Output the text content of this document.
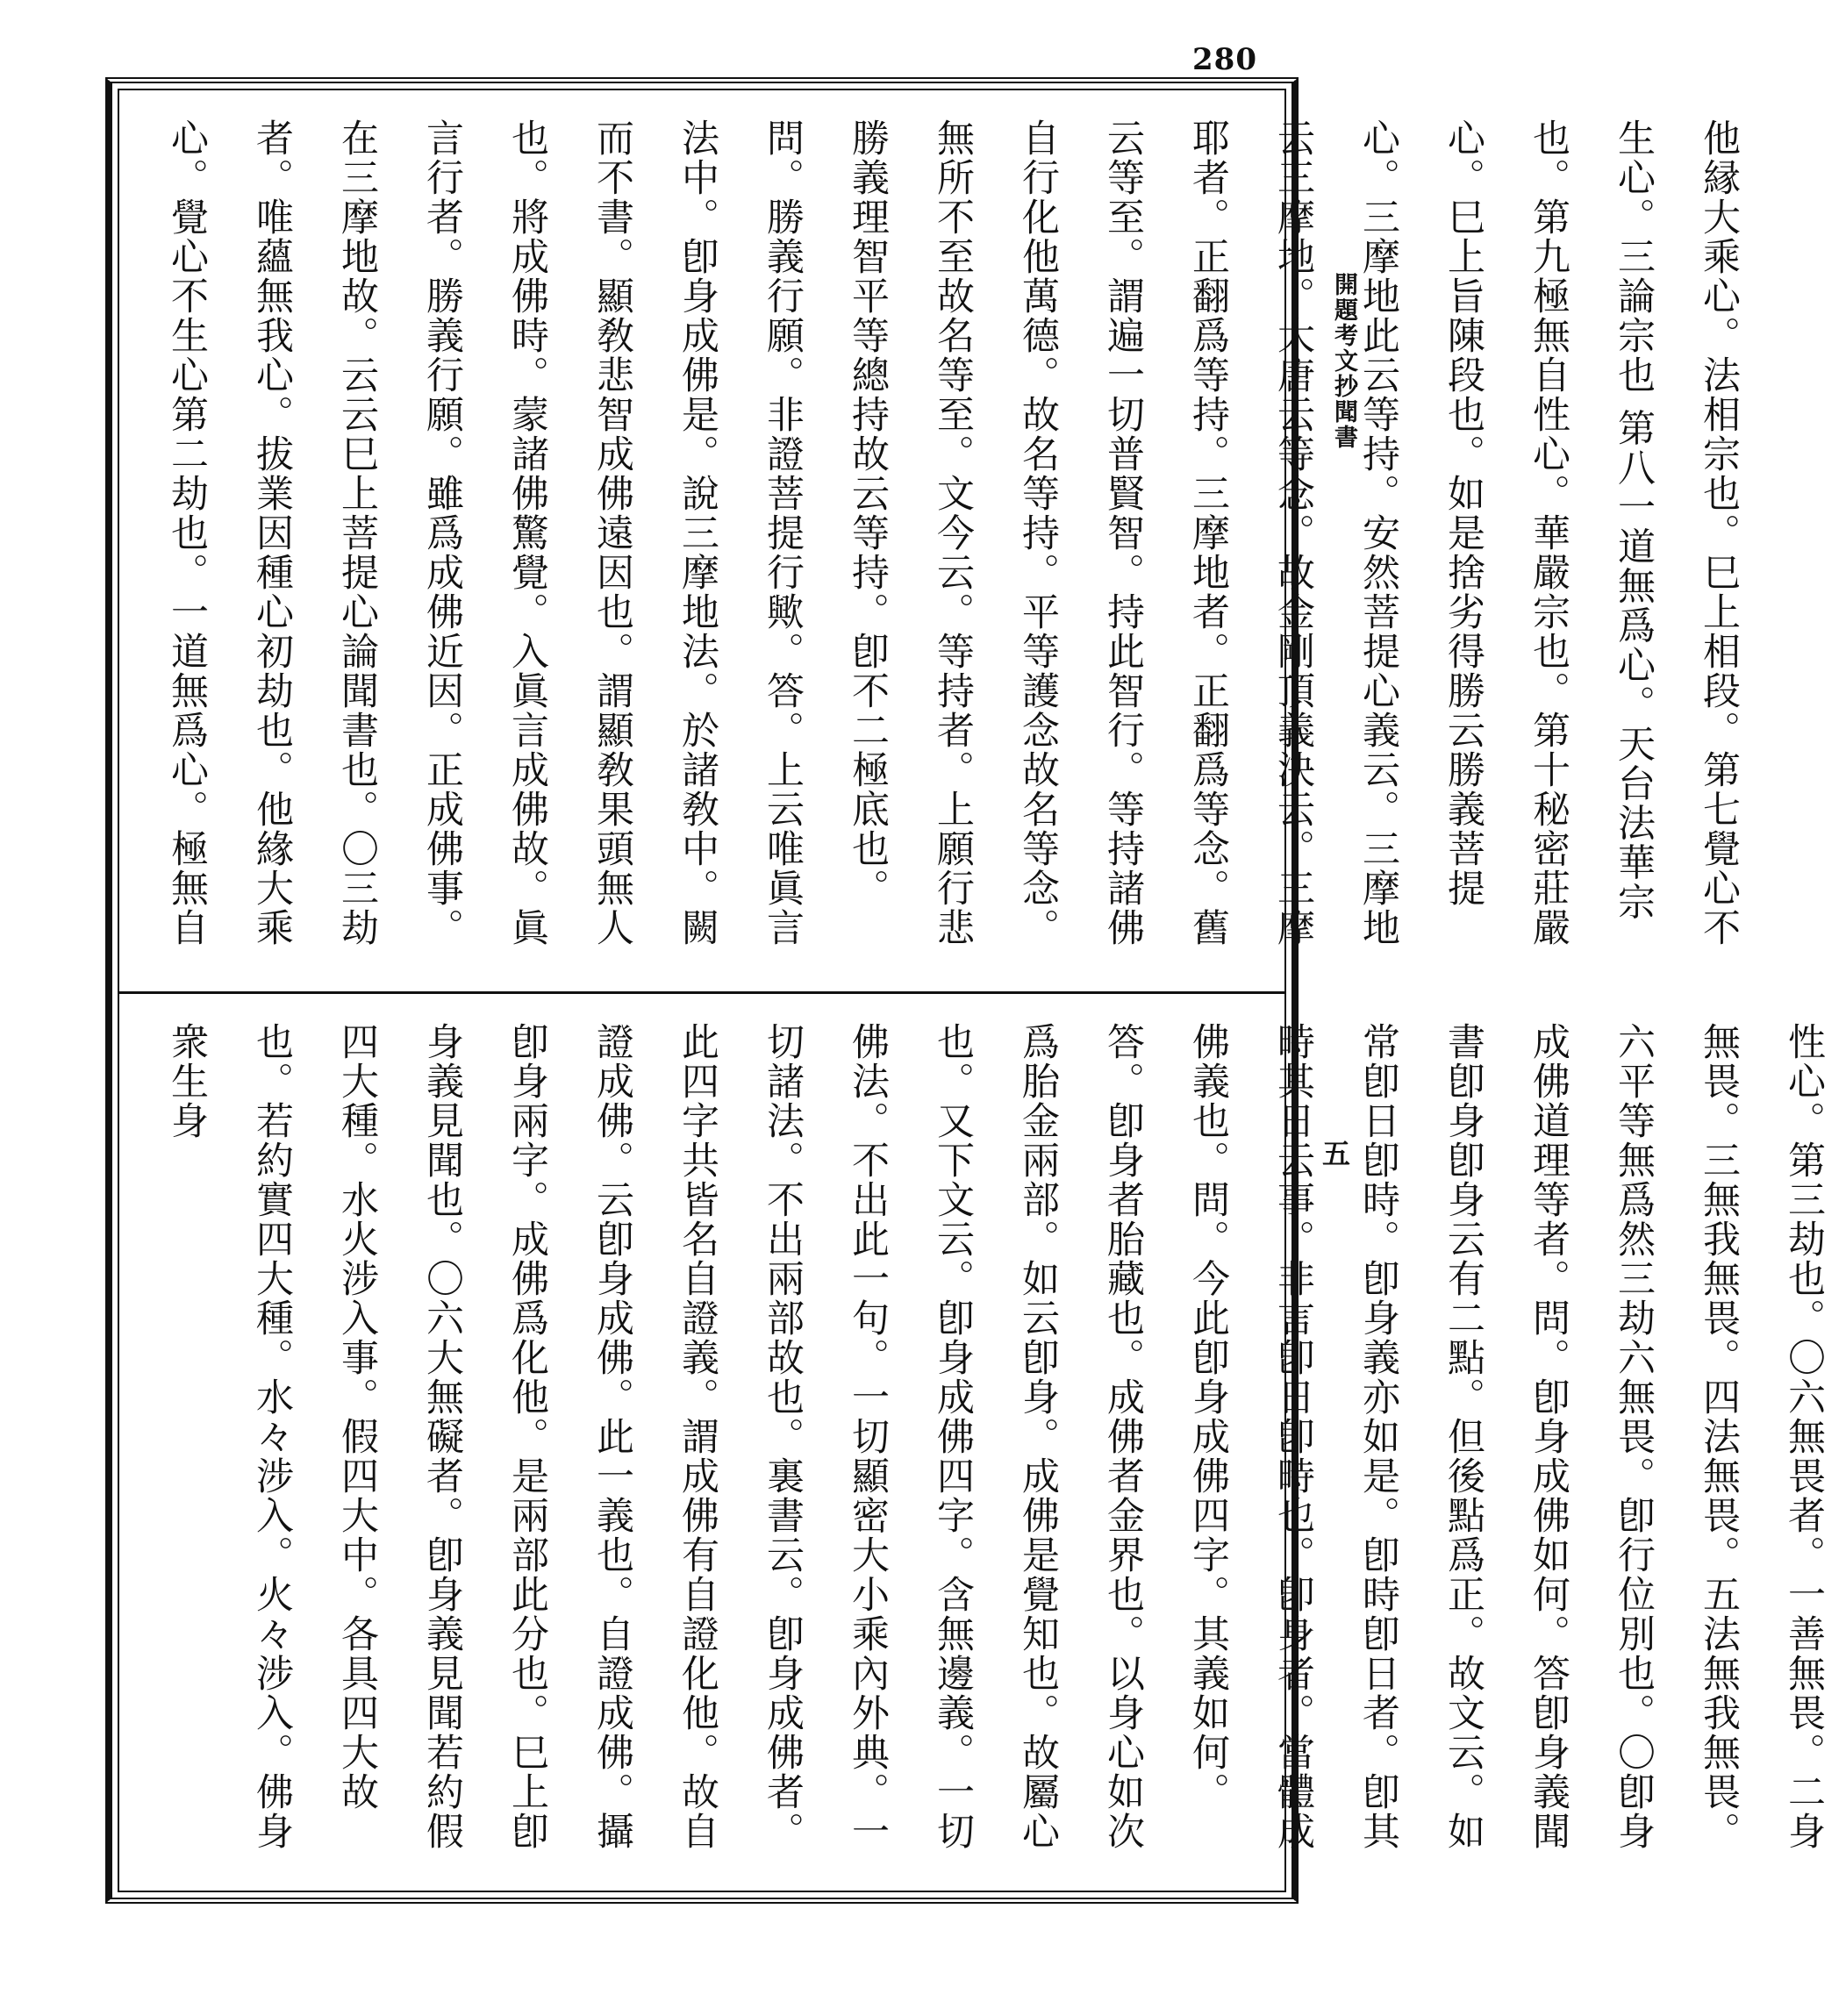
280

他縁大乘心。法相宗也。巳上相段。第七覺心不生心。三論宗也 第八一道無爲心。天台法華宗也。第九極無自性心。華嚴宗也。第十秘密莊嚴心。巳上旨陳段也。如是捨劣得勝云勝義菩提心。三摩地此云等持。安然菩提心義云。三摩地云三摩地。大唐云等念。故金剛頂義決云。三摩耶者。正翻爲等持。三摩地者。正翻爲等念。舊云等至。謂遍一切普賢智。持此智行。等持諸佛自行化他萬德。故名等持。平等護念故名等念。無所不至故名等至。文今云。等持者。上願行悲勝義理智平等總持故云等持。卽不二極底也。問。勝義行願。非證菩提行歟。答。上云唯眞言法中。卽身成佛是。說三摩地法。於諸敎中。闕而不書。顯敎悲智成佛遠因也。謂顯敎果頭無人也。將成佛時。蒙諸佛驚覺。入眞言成佛故。眞言行者。勝義行願。雖爲成佛近因。正成佛事。在三摩地故。云云巳上菩提心論聞書也。〇三劫者。唯蘊無我心。拔業因種心初劫也。他緣大乘心。覺心不生心第二劫也。一道無爲心。極無自

性心。第三劫也。〇六無畏者。一善無畏。二身無畏。三無我無畏。四法無畏。五法無我無畏。六平等無爲然三劫六無畏。卽行位別也。〇卽身成佛道理等者。問。卽身成佛如何。答卽身義聞書卽身卽身云有二點。但後點爲正。故文云。如常卽日卽時。卽身義亦如是。卽時卽日者。卽其時其日云事。非言卽日卽時也。卽身者。當體成佛義也。問。今此卽身成佛四字。其義如何。答。卽身者胎藏也。成佛者金界也。以身心如次爲胎金兩部。如云卽身。成佛是覺知也。故屬心也。又下文云。卽身成佛四字。含無邊義。一切佛法。不出此一句。一切顯密大小乘內外典。一切諸法。不出兩部故也。裏書云。卽身成佛者。此四字共皆名自證義。謂成佛有自證化他。故自證成佛。云卽身成佛。此一義也。自證成佛。攝卽身兩字。成佛爲化他。是兩部此分也。巳上卽身義見聞也。〇六大無礙者。卽身義見聞若約假四大種。水火涉入事。假四大中。各具四大故也。若約實四大種。水々涉入。火々涉入。佛身衆生身

開題考文抄聞書
五
